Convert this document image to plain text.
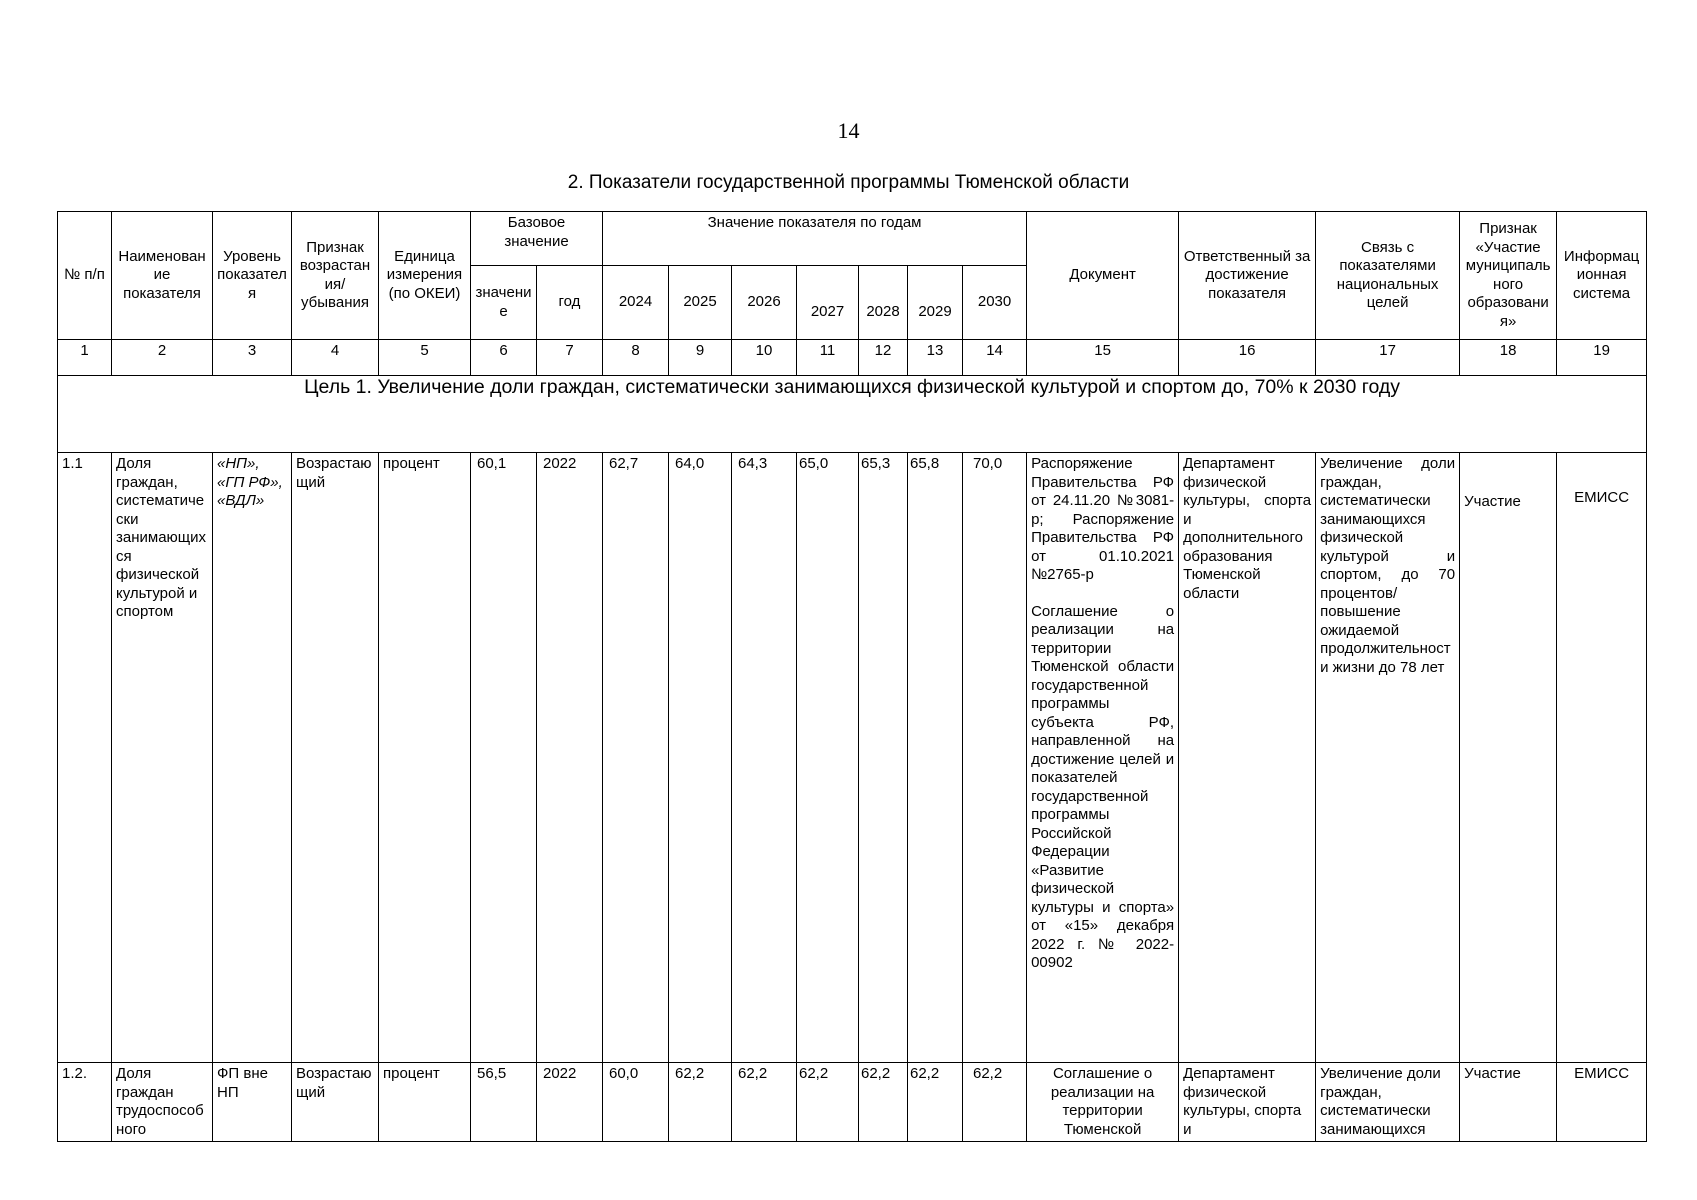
14
2. Показатели государственной программы Тюменской области
№ п/п	Наименование показателя	Уровень показателя	Признак возрастания/ убывания	Единица измерения (по ОКЕИ)	Базовое значение		Значение показателя по годам							Документ	Ответственный за достижение показателя	Связь с показателями национальных целей	Признак «Участие муниципального образования»	Информационная система
					значение	год	2024	2025	2026	2027	2028	2029	2030					
1	2	3	4	5	6	7	8	9	10	11	12	13	14	15	16	17	18	19
Цель 1. Увеличение доли граждан, систематически занимающихся физической культурой и спортом до, 70% к 2030 году																		
1.1	Доля граждан, систематически занимающихся физической культурой и спортом	«НП», «ГП РФ», «ВДЛ»	Возрастающий	процент	60,1	2022	62,7	64,0	64,3	65,0	65,3	65,8	70,0	Распоряжение Правительства РФ от 24.11.20 №3081-р; Распоряжение Правительства РФ от 01.10.2021 №2765-р
Соглашение о реализации на территории Тюменской области государственной программы субъекта РФ, направленной на достижение целей и показателей государственной программы Российской Федерации «Развитие физической культуры и спорта» от «15» декабря 2022 г. № 2022-00902	Департамент физической культуры, спорта и дополнительного образования Тюменской области	Увеличение доли граждан, систематически занимающихся физической культурой и спортом, до 70 процентов/ повышение ожидаемой продолжительности жизни до 78 лет	Участие	ЕМИСС
1.2.	Доля граждан трудоспособного	ФП вне НП	Возрастающий	процент	56,5	2022	60,0	62,2	62,2	62,2	62,2	62,2	62,2	Соглашение о реализации на территории Тюменской	Департамент физической культуры, спорта и	Увеличение доли граждан, систематически занимающихся	Участие	ЕМИСС
